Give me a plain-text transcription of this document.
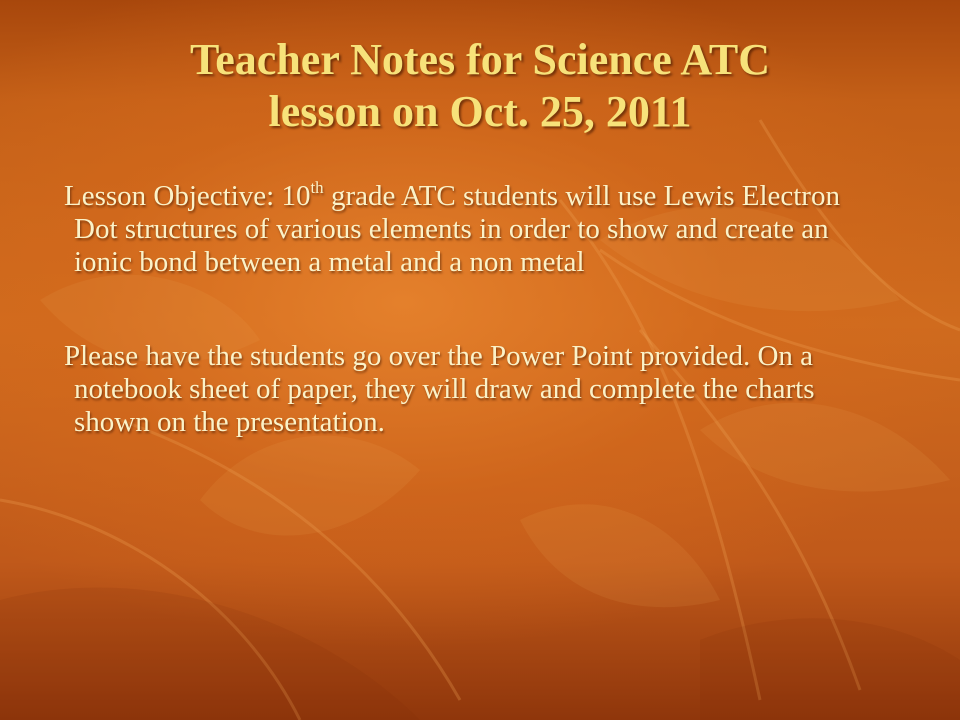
Teacher Notes for Science ATC
lesson on Oct. 25, 2011

Lesson Objective: 10th grade ATC students will use Lewis Electron Dot structures of various elements in order to show and create an ionic bond between a metal and a non metal

Please have the students go over the Power Point provided. On a notebook sheet of paper, they will draw and complete the charts shown on the presentation.
